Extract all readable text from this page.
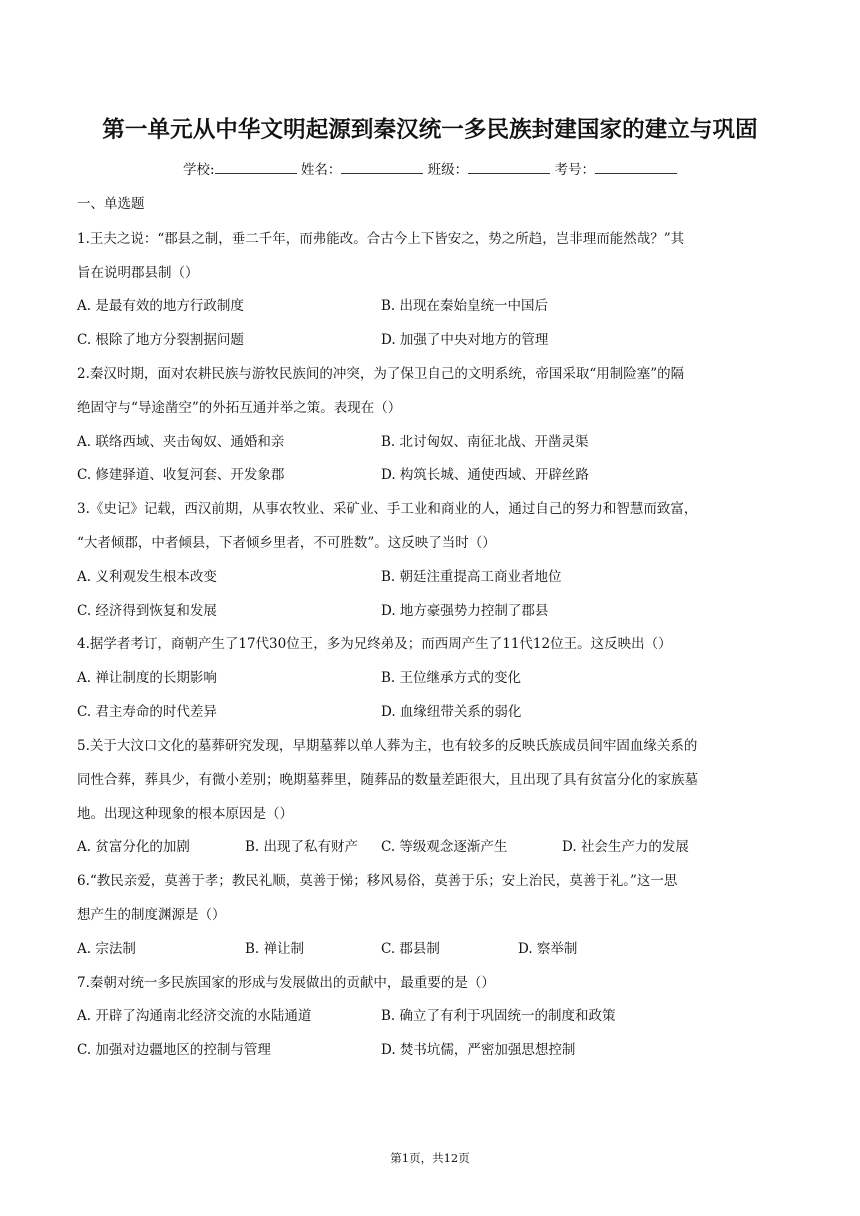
第一单元从中华文明起源到秦汉统一多民族封建国家的建立与巩固
学校:	姓名：	班级：	考号：
一、单选题
1.王夫之说：“郡县之制，垂二千年，而弗能改。合古今上下皆安之，势之所趋，岂非理而能然哉？”其
旨在说明郡县制（）
A. 是最有效的地方行政制度	B. 出现在秦始皇统一中国后
C. 根除了地方分裂割据问题	D. 加强了中央对地方的管理
2.秦汉时期，面对农耕民族与游牧民族间的冲突，为了保卫自己的文明系统，帝国采取“用制险塞”的隔
绝固守与“导途凿空”的外拓互通并举之策。表现在（）
A. 联络西域、夹击匈奴、通婚和亲	B. 北讨匈奴、南征北战、开凿灵渠
C. 修建驿道、收复河套、开发象郡	D. 构筑长城、通使西域、开辟丝路
3.《史记》记载，西汉前期，从事农牧业、采矿业、手工业和商业的人，通过自己的努力和智慧而致富，
“大者倾郡，中者倾县，下者倾乡里者，不可胜数”。这反映了当时（）
A. 义利观发生根本改变	B. 朝廷注重提高工商业者地位
C. 经济得到恢复和发展	D. 地方豪强势力控制了郡县
4.据学者考订，商朝产生了17代30位王，多为兄终弟及；而西周产生了11代12位王。这反映出（）
A. 禅让制度的长期影响	B. 王位继承方式的变化
C. 君主寿命的时代差异	D. 血缘纽带关系的弱化
5.关于大汶口文化的墓葬研究发现，早期墓葬以单人葬为主，也有较多的反映氏族成员间牢固血缘关系的
同性合葬，葬具少，有微小差别；晚期墓葬里，随葬品的数量差距很大，且出现了具有贫富分化的家族墓
地。出现这种现象的根本原因是（）
A. 贫富分化的加剧	B. 出现了私有财产 C. 等级观念逐渐产生	D. 社会生产力的发展
6.“教民亲爱，莫善于孝；教民礼顺，莫善于悌；移风易俗，莫善于乐；安上治民，莫善于礼。”这一思
想产生的制度渊源是（）
A. 宗法制	B. 禅让制	C. 郡县制	D. 察举制
7.秦朝对统一多民族国家的形成与发展做出的贡献中，最重要的是（）
A. 开辟了沟通南北经济交流的水陆通道	B. 确立了有利于巩固统一的制度和政策
C. 加强对边疆地区的控制与管理	D. 焚书坑儒，严密加强思想控制
第1页，共12页
